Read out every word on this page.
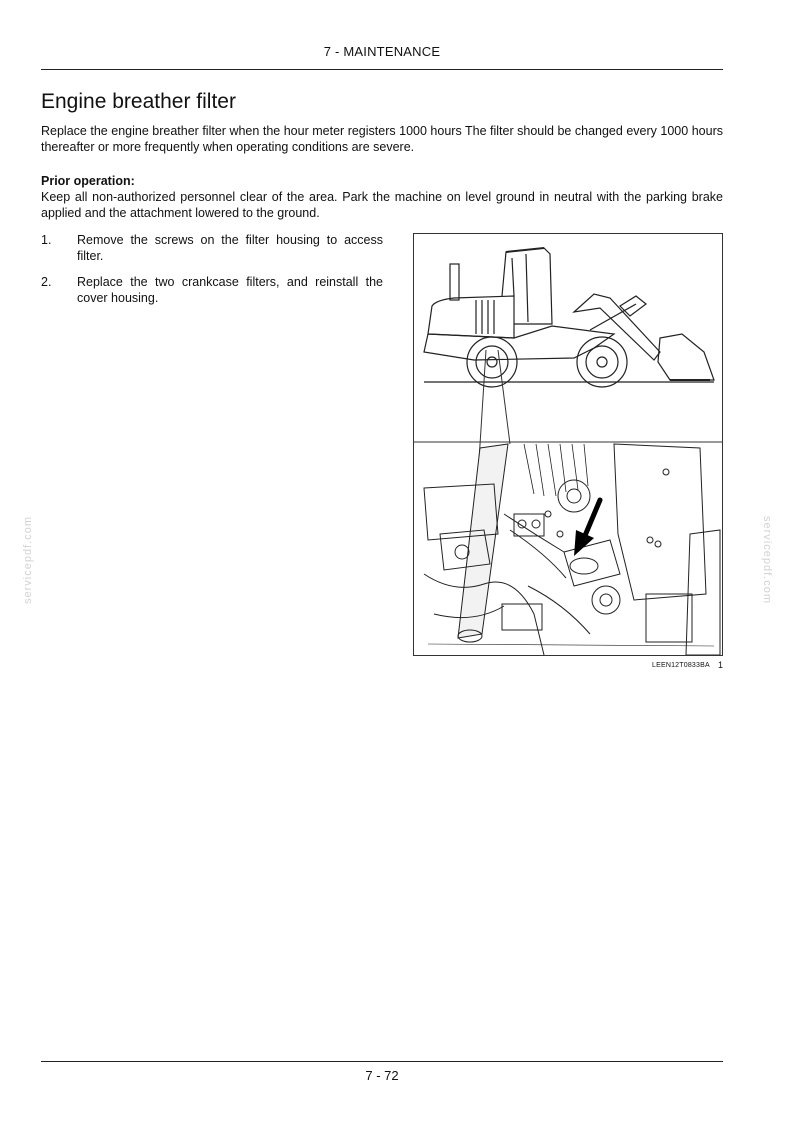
7 - MAINTENANCE
Engine breather filter

Replace the engine breather filter when the hour meter registers 1000 hours The filter should be changed every 1000 hours thereafter or more frequently when operating conditions are severe.

Prior operation:

Keep all non-authorized personnel clear of the area. Park the machine on level ground in neutral with the parking brake applied and the attachment lowered to the ground.

1. Remove the screws on the filter housing to access filter.
2. Replace the two crankcase filters, and reinstall the cover housing.
LEEN12T0833BA 1
servicepdf.com	servicepdf.com
7 - 72
